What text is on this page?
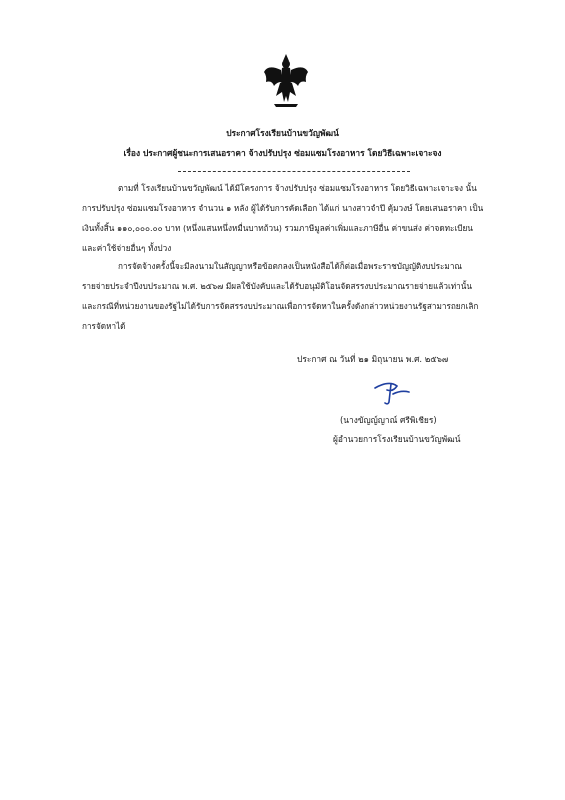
ประกาศโรงเรียนบ้านขวัญพัฒน์
เรื่อง ประกาศผู้ชนะการเสนอราคา จ้างปรับปรุง ซ่อมแซมโรงอาหาร โดยวิธีเฉพาะเจาะจง
ตามที่ โรงเรียนบ้านขวัญพัฒน์ ได้มีโครงการ จ้างปรับปรุง ซ่อมแซมโรงอาหาร โดยวิธีเฉพาะเจาะจง นั้น
การปรับปรุง ซ่อมแซมโรงอาหาร จำนวน ๑ หลัง ผู้ได้รับการคัดเลือก ได้แก่ นางสาวจำปี คุ้มวงษ์ โดยเสนอราคา เป็น
เงินทั้งสิ้น ๑๑๐,๐๐๐.๐๐ บาท (หนึ่งแสนหนึ่งหมื่นบาทถ้วน) รวมภาษีมูลค่าเพิ่มและภาษีอื่น ค่าขนส่ง ค่าจดทะเบียน
และค่าใช้จ่ายอื่นๆ ทั้งปวง
การจัดจ้างครั้งนี้จะมีลงนามในสัญญาหรือข้อตกลงเป็นหนังสือได้ก็ต่อเมื่อพระราชบัญญัติงบประมาณ
รายจ่ายประจำปีงบประมาณ พ.ศ. ๒๕๖๗ มีผลใช้บังคับและได้รับอนุมัติโอนจัดสรรงบประมาณรายจ่ายแล้วเท่านั้น
และกรณีที่หน่วยงานของรัฐไม่ได้รับการจัดสรรงบประมาณเพื่อการจัดหาในครั้งดังกล่าวหน่วยงานรัฐสามารถยกเลิก
การจัดหาได้
ประกาศ ณ วันที่ ๒๑ มิถุนายน พ.ศ. ๒๕๖๗
(นางขัญญ์ญาณ์ ศรีพิเชียร)
ผู้อำนวยการโรงเรียนบ้านขวัญพัฒน์
